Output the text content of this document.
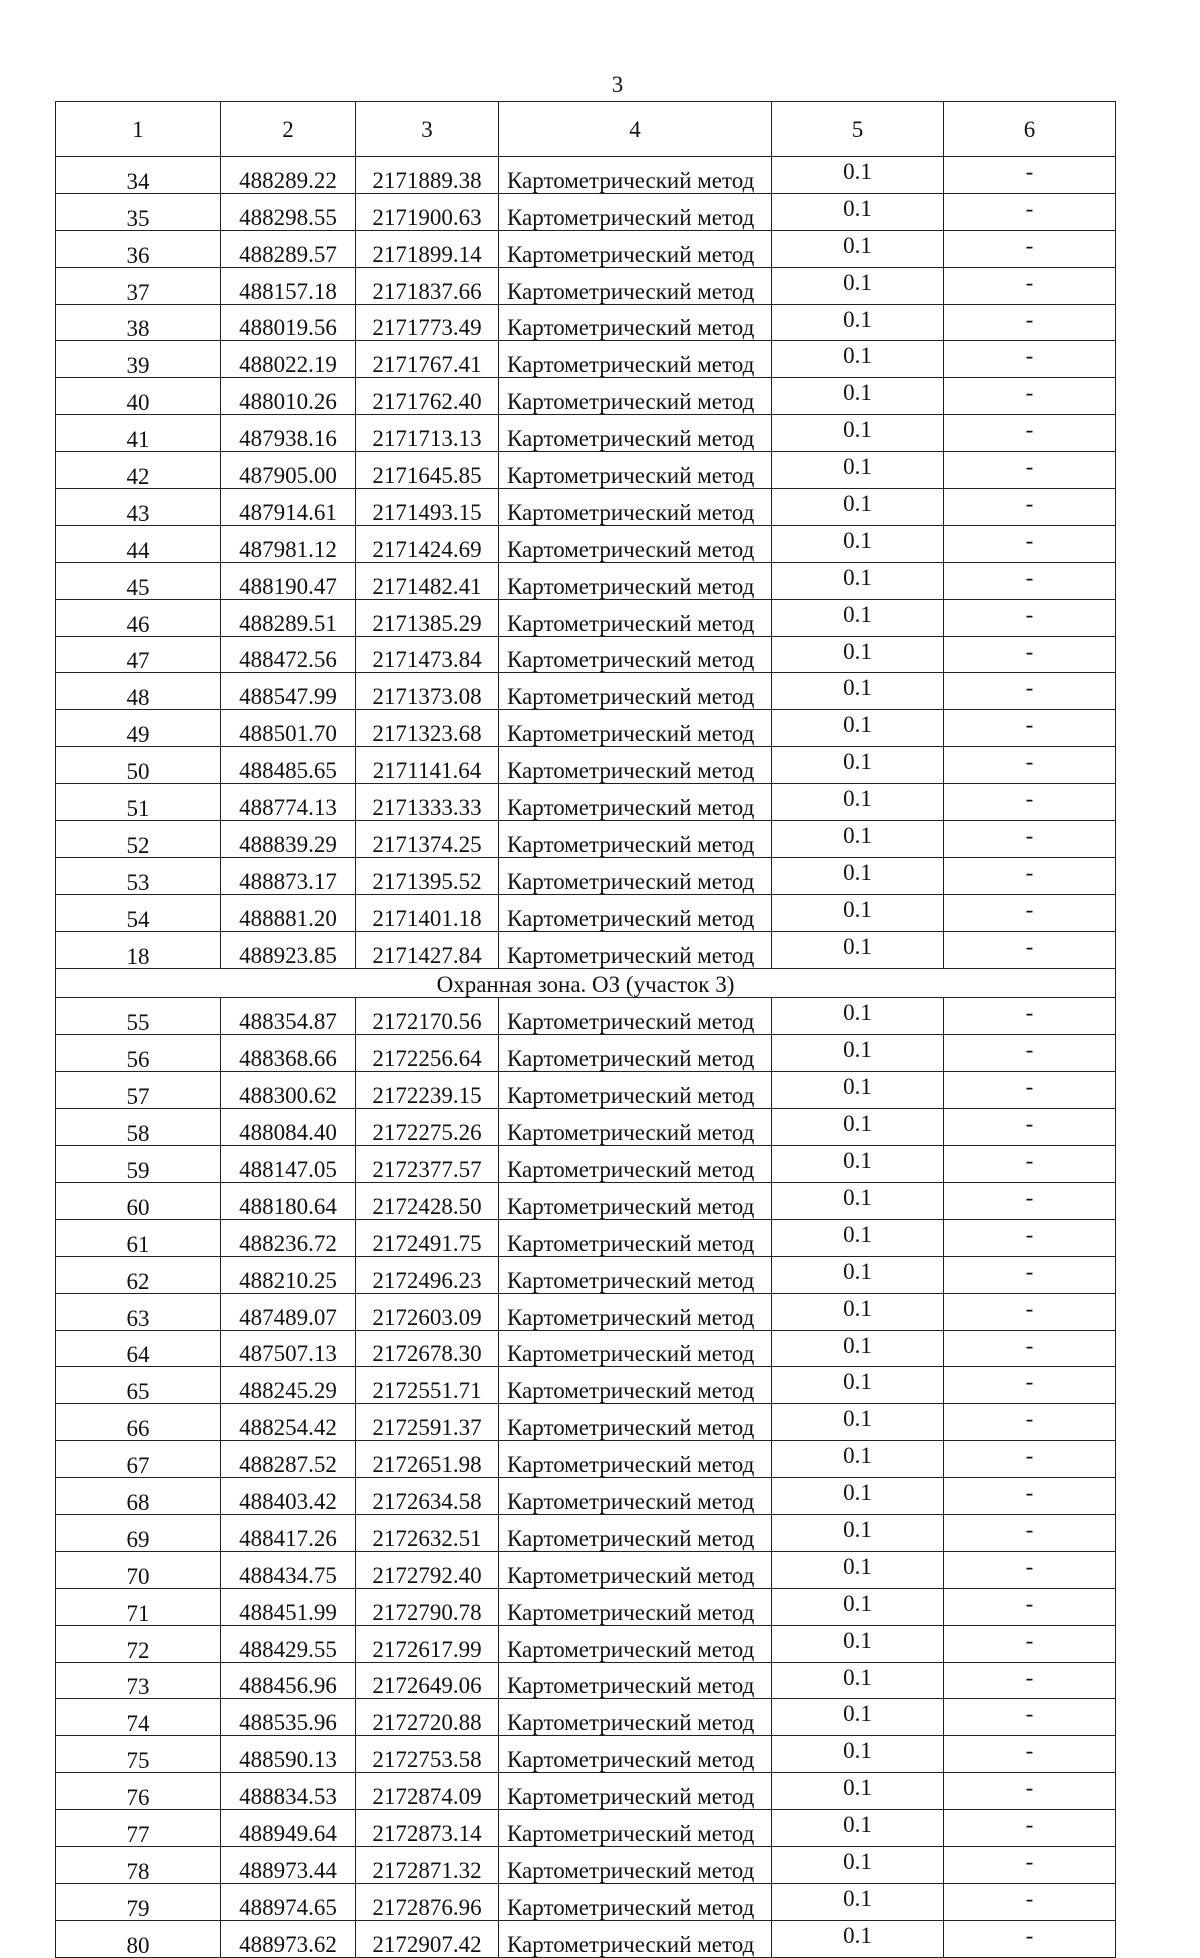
3
1	2	3	4	5	6
34	488289.22	2171889.38	Картометрический метод	0.1	-
35	488298.55	2171900.63	Картометрический метод	0.1	-
36	488289.57	2171899.14	Картометрический метод	0.1	-
37	488157.18	2171837.66	Картометрический метод	0.1	-
38	488019.56	2171773.49	Картометрический метод	0.1	-
39	488022.19	2171767.41	Картометрический метод	0.1	-
40	488010.26	2171762.40	Картометрический метод	0.1	-
41	487938.16	2171713.13	Картометрический метод	0.1	-
42	487905.00	2171645.85	Картометрический метод	0.1	-
43	487914.61	2171493.15	Картометрический метод	0.1	-
44	487981.12	2171424.69	Картометрический метод	0.1	-
45	488190.47	2171482.41	Картометрический метод	0.1	-
46	488289.51	2171385.29	Картометрический метод	0.1	-
47	488472.56	2171473.84	Картометрический метод	0.1	-
48	488547.99	2171373.08	Картометрический метод	0.1	-
49	488501.70	2171323.68	Картометрический метод	0.1	-
50	488485.65	2171141.64	Картометрический метод	0.1	-
51	488774.13	2171333.33	Картометрический метод	0.1	-
52	488839.29	2171374.25	Картометрический метод	0.1	-
53	488873.17	2171395.52	Картометрический метод	0.1	-
54	488881.20	2171401.18	Картометрический метод	0.1	-
18	488923.85	2171427.84	Картометрический метод	0.1	-
Охранная зона. ОЗ (участок 3)					
55	488354.87	2172170.56	Картометрический метод	0.1	-
56	488368.66	2172256.64	Картометрический метод	0.1	-
57	488300.62	2172239.15	Картометрический метод	0.1	-
58	488084.40	2172275.26	Картометрический метод	0.1	-
59	488147.05	2172377.57	Картометрический метод	0.1	-
60	488180.64	2172428.50	Картометрический метод	0.1	-
61	488236.72	2172491.75	Картометрический метод	0.1	-
62	488210.25	2172496.23	Картометрический метод	0.1	-
63	487489.07	2172603.09	Картометрический метод	0.1	-
64	487507.13	2172678.30	Картометрический метод	0.1	-
65	488245.29	2172551.71	Картометрический метод	0.1	-
66	488254.42	2172591.37	Картометрический метод	0.1	-
67	488287.52	2172651.98	Картометрический метод	0.1	-
68	488403.42	2172634.58	Картометрический метод	0.1	-
69	488417.26	2172632.51	Картометрический метод	0.1	-
70	488434.75	2172792.40	Картометрический метод	0.1	-
71	488451.99	2172790.78	Картометрический метод	0.1	-
72	488429.55	2172617.99	Картометрический метод	0.1	-
73	488456.96	2172649.06	Картометрический метод	0.1	-
74	488535.96	2172720.88	Картометрический метод	0.1	-
75	488590.13	2172753.58	Картометрический метод	0.1	-
76	488834.53	2172874.09	Картометрический метод	0.1	-
77	488949.64	2172873.14	Картометрический метод	0.1	-
78	488973.44	2172871.32	Картометрический метод	0.1	-
79	488974.65	2172876.96	Картометрический метод	0.1	-
80	488973.62	2172907.42	Картометрический метод	0.1	-
